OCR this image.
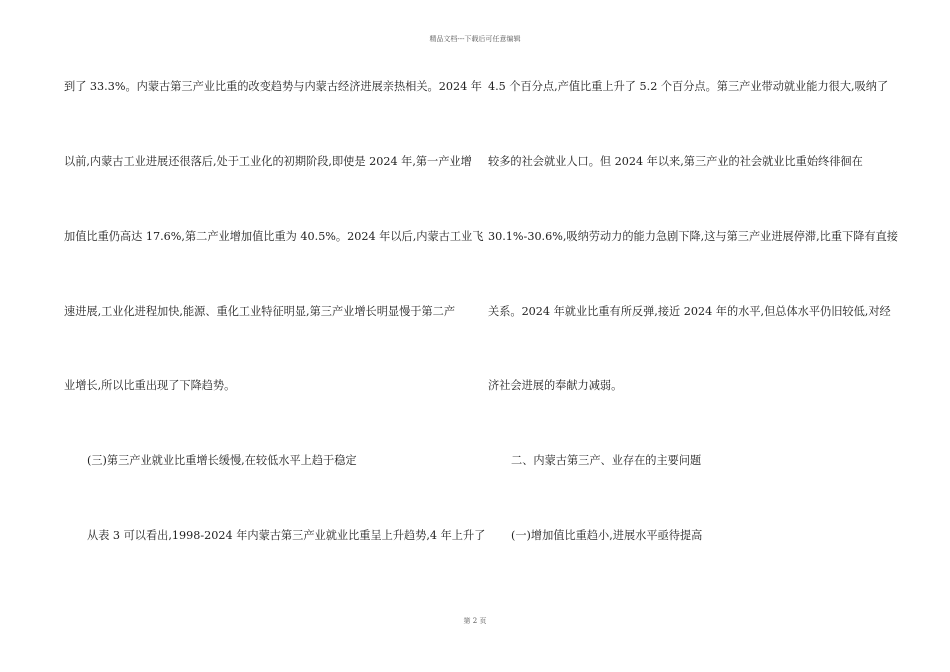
精品文档---下载后可任意编辑
到了 33.3%。内蒙古第三产业比重的改变趋势与内蒙古经济进展亲热相关。2024 年
以前,内蒙古工业进展还很落后,处于工业化的初期阶段,即使是 2024 年,第一产业增
加值比重仍高达 17.6%,第二产业增加值比重为 40.5%。2024 年以后,内蒙古工业飞
速进展,工业化进程加快,能源、重化工业特征明显,第三产业增长明显慢于第二产
业增长,所以比重出现了下降趋势。
(三)第三产业就业比重增长缓慢,在较低水平上趋于稳定
从表 3 可以看出,1998-2024 年内蒙古第三产业就业比重呈上升趋势,4 年上升了
4.5 个百分点,产值比重上升了 5.2 个百分点。第三产业带动就业能力很大,吸纳了
较多的社会就业人口。但 2024 年以来,第三产业的社会就业比重始终徘徊在
30.1%-30.6%,吸纳劳动力的能力急剧下降,这与第三产业进展停滞,比重下降有直接
关系。2024 年就业比重有所反弹,接近 2024 年的水平,但总体水平仍旧较低,对经
济社会进展的奉献力减弱。
二、内蒙古第三产、业存在的主要问题
(一)增加值比重趋小,进展水平亟待提高
第 2 页
